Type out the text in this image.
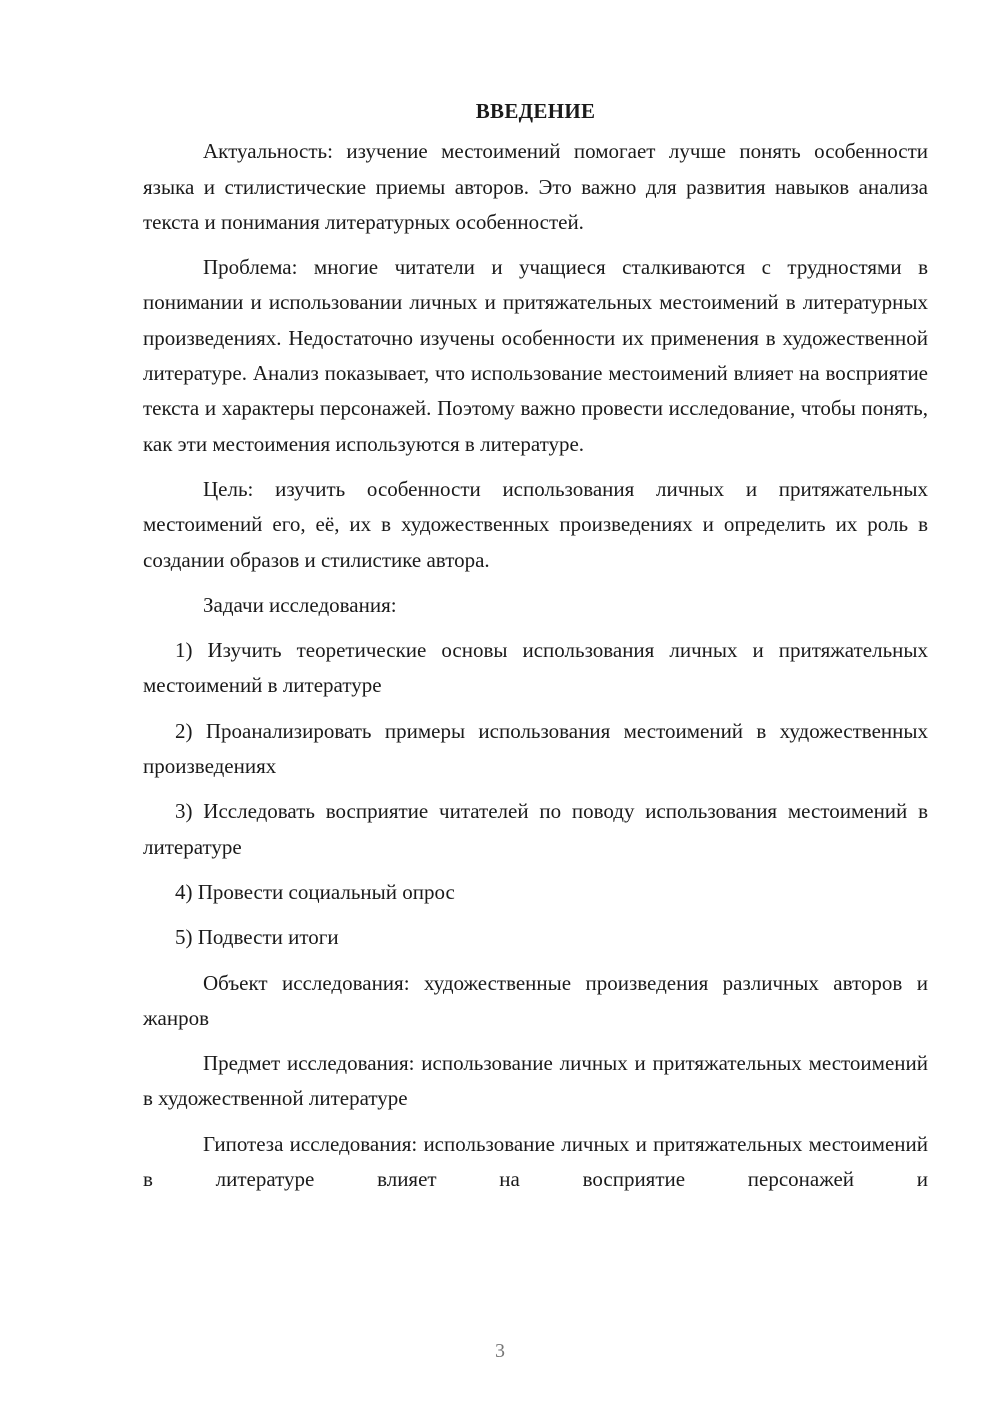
ВВЕДЕНИЕ

Актуальность: изучение местоимений помогает лучше понять особенности языка и стилистические приемы авторов. Это важно для развития навыков анализа текста и понимания литературных особенностей.

Проблема: многие читатели и учащиеся сталкиваются с трудностями в понимании и использовании личных и притяжательных местоимений в литературных произведениях. Недостаточно изучены особенности их применения в художественной литературе. Анализ показывает, что использование местоимений влияет на восприятие текста и характеры персонажей. Поэтому важно провести исследование, чтобы понять, как эти местоимения используются в литературе.

Цель: изучить особенности использования личных и притяжательных местоимений его, её, их в художественных произведениях и определить их роль в создании образов и стилистике автора.

Задачи исследования:

1) Изучить теоретические основы использования личных и притяжательных местоимений в литературе

2) Проанализировать примеры использования местоимений в художественных произведениях

3) Исследовать восприятие читателей по поводу использования местоимений в литературе

4) Провести социальный опрос

5) Подвести итоги

Объект исследования: художественные произведения различных авторов и жанров

Предмет исследования: использование личных и притяжательных местоимений в художественной литературе

Гипотеза исследования: использование личных и притяжательных местоимений в литературе влияет на восприятие персонажей и

3
